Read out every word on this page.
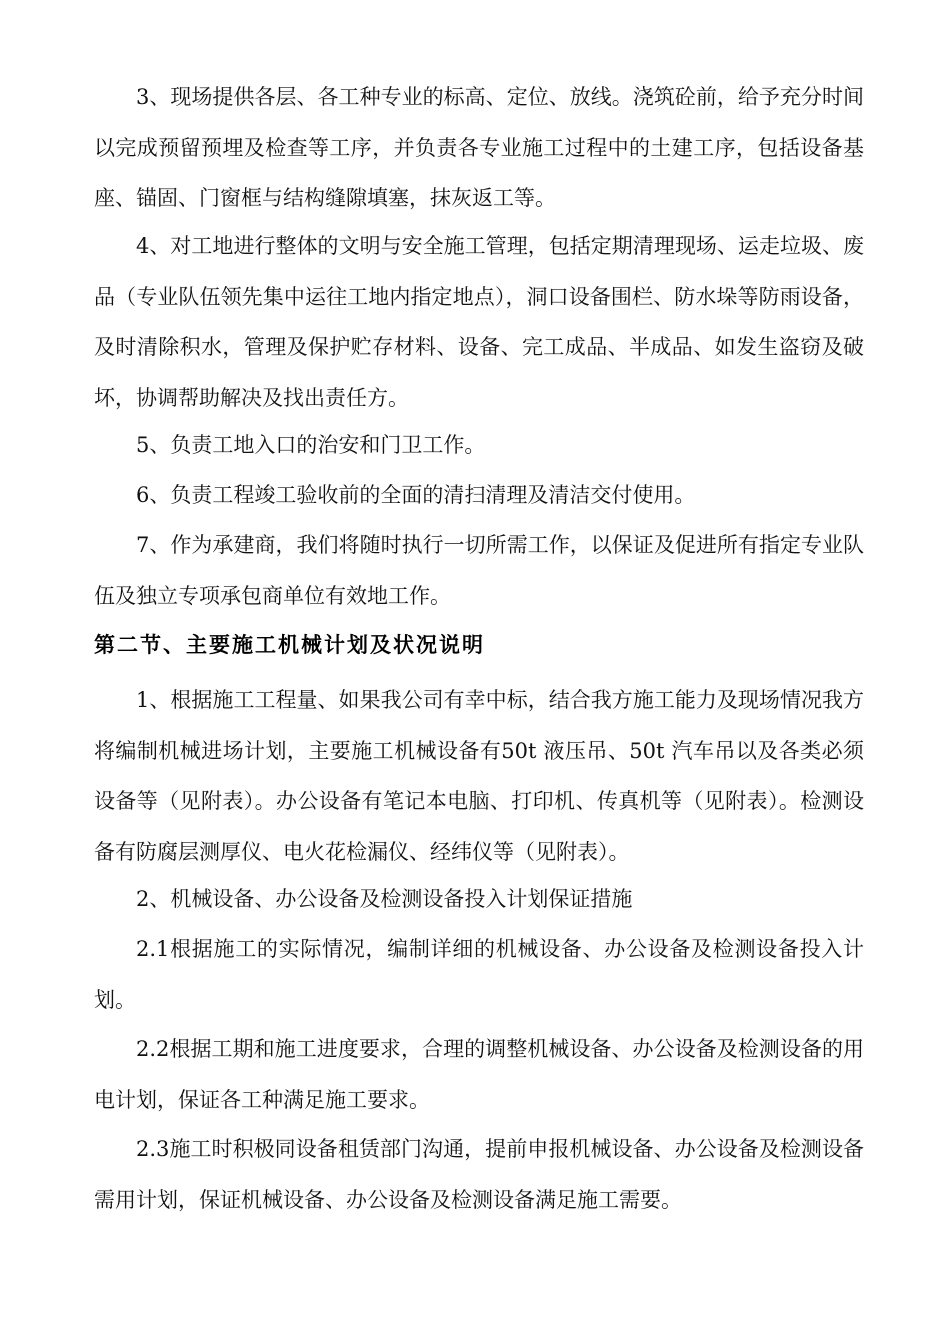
3、现场提供各层、各工种专业的标高、定位、放线。浇筑砼前，给予充分时间以完成预留预埋及检查等工序，并负责各专业施工过程中的土建工序，包括设备基座、锚固、门窗框与结构缝隙填塞，抹灰返工等。

4、对工地进行整体的文明与安全施工管理，包括定期清理现场、运走垃圾、废品（专业队伍领先集中运往工地内指定地点），洞口设备围栏、防水垛等防雨设备，及时清除积水，管理及保护贮存材料、设备、完工成品、半成品、如发生盗窃及破坏，协调帮助解决及找出责任方。

5、负责工地入口的治安和门卫工作。

6、负责工程竣工验收前的全面的清扫清理及清洁交付使用。

7、作为承建商，我们将随时执行一切所需工作，以保证及促进所有指定专业队伍及独立专项承包商单位有效地工作。

第二节、主要施工机械计划及状况说明

1、根据施工工程量、如果我公司有幸中标，结合我方施工能力及现场情况我方将编制机械进场计划，主要施工机械设备有50t 液压吊、50t 汽车吊以及各类必须设备等（见附表）。办公设备有笔记本电脑、打印机、传真机等（见附表）。检测设备有防腐层测厚仪、电火花检漏仪、经纬仪等（见附表）。

2、机械设备、办公设备及检测设备投入计划保证措施

2.1根据施工的实际情况，编制详细的机械设备、办公设备及检测设备投入计划。

2.2根据工期和施工进度要求，合理的调整机械设备、办公设备及检测设备的用电计划，保证各工种满足施工要求。

2.3施工时积极同设备租赁部门沟通，提前申报机械设备、办公设备及检测设备需用计划，保证机械设备、办公设备及检测设备满足施工需要。
